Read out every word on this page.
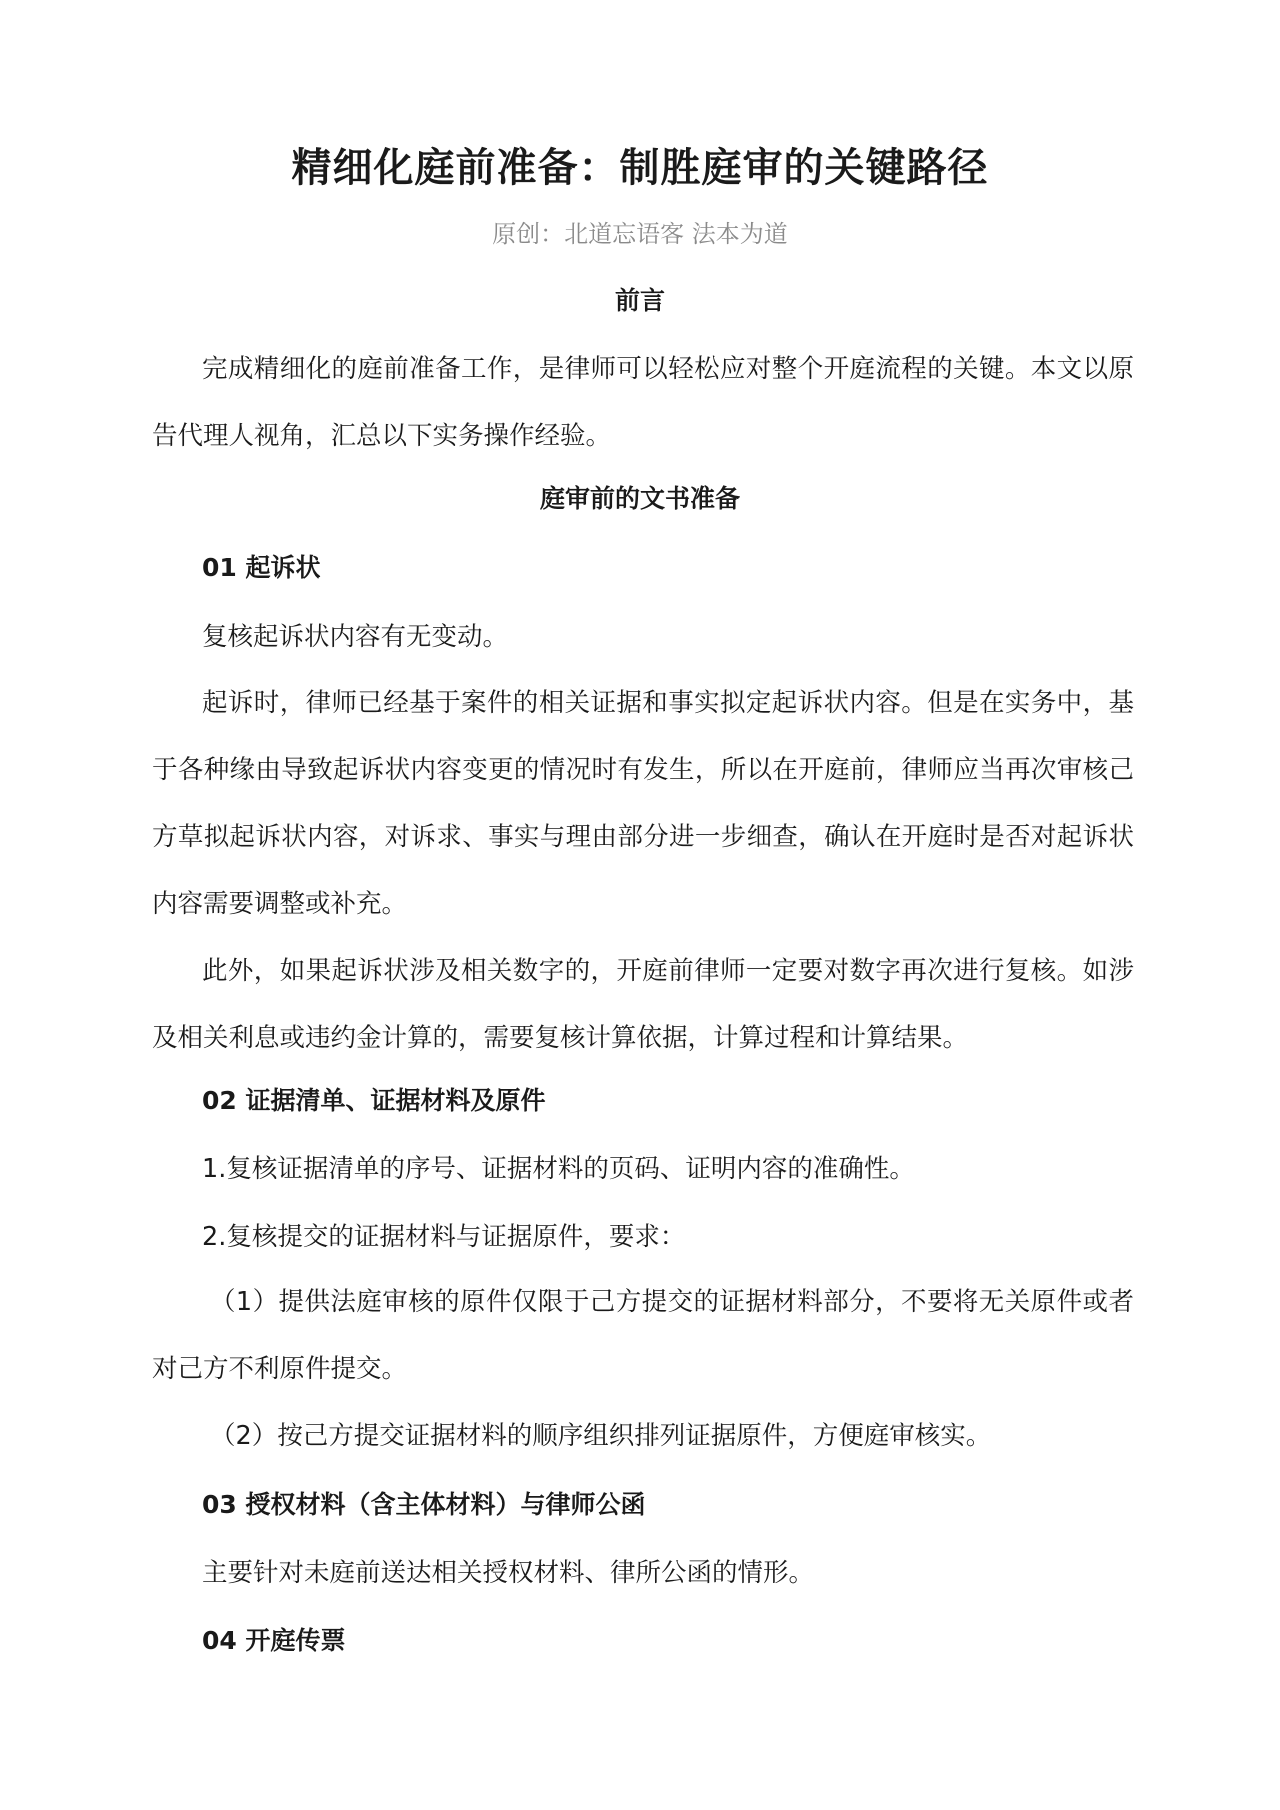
精细化庭前准备：制胜庭审的关键路径
原创：北道忘语客 法本为道
前言

完成精细化的庭前准备工作，是律师可以轻松应对整个开庭流程的关键。本文以原告代理人视角，汇总以下实务操作经验。

庭审前的文书准备
01 起诉状
复核起诉状内容有无变动。

起诉时，律师已经基于案件的相关证据和事实拟定起诉状内容。但是在实务中，基于各种缘由导致起诉状内容变更的情况时有发生，所以在开庭前，律师应当再次审核己方草拟起诉状内容，对诉求、事实与理由部分进一步细查，确认在开庭时是否对起诉状内容需要调整或补充。

此外，如果起诉状涉及相关数字的，开庭前律师一定要对数字再次进行复核。如涉及相关利息或违约金计算的，需要复核计算依据，计算过程和计算结果。

02 证据清单、证据材料及原件
1.复核证据清单的序号、证据材料的页码、证明内容的准确性。
2.复核提交的证据材料与证据原件，要求：

（1）提供法庭审核的原件仅限于己方提交的证据材料部分，不要将无关原件或者对己方不利原件提交。

（2）按己方提交证据材料的顺序组织排列证据原件，方便庭审核实。

03 授权材料（含主体材料）与律师公函
主要针对未庭前送达相关授权材料、律所公函的情形。
04 开庭传票
